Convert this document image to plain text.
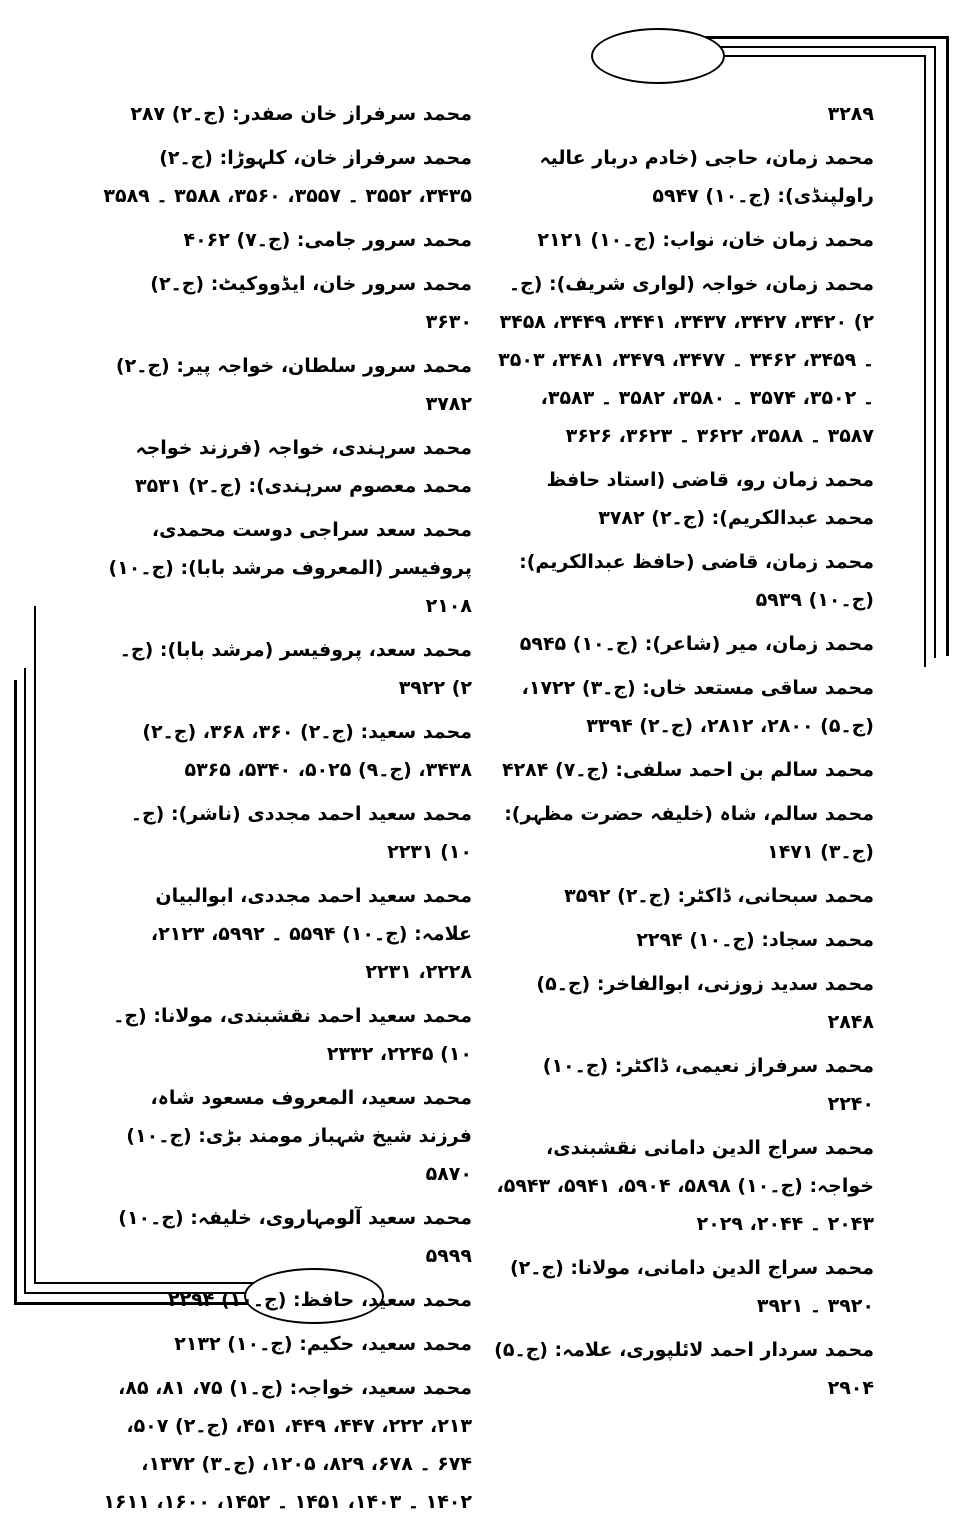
٣٢٨٩
محمد زمان، حاجی (خادم دربار عالیہ راولپنڈی): (ج۔۱۰) ۵۹۴۷
محمد زمان خان، نواب: (ج۔۱۰) ۲۱۲۱
محمد زمان، خواجہ (لواری شریف): (ج۔۲) ۳۴۲۰، ۳۴۲۷، ۳۴۳۷، ۳۴۴۱، ۳۴۴۹، ۳۴۵۸ ۔ ۳۴۵۹، ۳۴۶۲ ۔ ۳۴۷۷، ۳۴۷۹، ۳۴۸۱، ۳۵۰۳ ۔ ۳۵۰۲، ۳۵۷۴ ۔ ۳۵۸۰، ۳۵۸۲ ۔ ۳۵۸۳، ۳۵۸۷ ۔ ۳۵۸۸، ۳۶۲۲ ۔ ۳۶۲۳، ۳۶۲۶
محمد زمان رو، قاضی (استاد حافظ محمد عبدالکریم): (ج۔۲) ۳۷۸۲
محمد زمان، قاضی (حافظ عبدالکریم): (ج۔۱۰) ۵۹۳۹
محمد زمان، میر (شاعر): (ج۔۱۰) ۵۹۴۵
محمد ساقی مستعد خاں: (ج۔۳) ۱۷۲۲، (ج۔۵) ۲۸۰۰، ۲۸۱۲، (ج۔۲) ۳۳۹۴
محمد سالم بن احمد سلفی: (ج۔۷) ۴۲۸۴
محمد سالم، شاہ (خلیفہ حضرت مظہر): (ج۔۳) ۱۴۷۱
محمد سبحانی، ڈاکٹر: (ج۔۲) ۳۵۹۲
محمد سجاد: (ج۔۱۰) ۲۲۹۴
محمد سدید زوزنی، ابوالفاخر: (ج۔۵) ۲۸۴۸
محمد سرفراز نعیمی، ڈاکٹر: (ج۔۱۰) ۲۲۴۰
محمد سراج الدین دامانی نقشبندی، خواجہ: (ج۔۱۰) ۵۸۹۸، ۵۹۰۴، ۵۹۴۱، ۵۹۴۳، ۲۰۴۳ ۔ ۲۰۴۴، ۲۰۲۹
محمد سراج الدین دامانی، مولانا: (ج۔۲) ۳۹۲۰ ۔ ۳۹۲۱
محمد سردار احمد لائلپوری، علامہ: (ج۔۵) ۲۹۰۴
محمد سرفراز خان صفدر: (ج۔۲) ۲۸۷
محمد سرفراز خان، کلہوڑا: (ج۔۲) ۳۴۳۵، ۳۵۵۲ ۔ ۳۵۵۷، ۳۵۶۰، ۳۵۸۸ ۔ ۳۵۸۹
محمد سرور جامی: (ج۔۷) ۴۰۶۲
محمد سرور خان، ایڈووکیٹ: (ج۔۲) ۳۶۳۰
محمد سرور سلطان، خواجہ پیر: (ج۔۲) ۳۷۸۲
محمد سرہندی، خواجہ (فرزند خواجہ محمد معصوم سرہندی): (ج۔۲) ۳۵۳۱
محمد سعد سراجی دوست محمدی، پروفیسر (المعروف مرشد بابا): (ج۔۱۰) ۲۱۰۸
محمد سعد، پروفیسر (مرشد بابا): (ج۔۲) ۳۹۲۲
محمد سعید: (ج۔۲) ۳۶۰، ۳۶۸، (ج۔۲) ۳۴۳۸، (ج۔۹) ۵۰۲۵، ۵۳۴۰، ۵۳۶۵
محمد سعید احمد مجددی (ناشر): (ج۔۱۰) ۲۲۳۱
محمد سعید احمد مجددی، ابوالبیان علامہ: (ج۔۱۰) ۵۵۹۴ ۔ ۵۹۹۲، ۲۱۲۳، ۲۲۲۸، ۲۲۳۱
محمد سعید احمد نقشبندی، مولانا: (ج۔۱۰) ۲۲۴۵، ۲۳۳۲
محمد سعید، المعروف مسعود شاہ، فرزند شیخ شہباز مومند بڑی: (ج۔۱۰) ۵۸۷۰
محمد سعید آلومہاروی، خلیفہ: (ج۔۱۰) ۵۹۹۹
محمد سعید، حافظ: (ج۔۱۰) ۲۲۹۴
محمد سعید، حکیم: (ج۔۱۰) ۲۱۳۲
محمد سعید، خواجہ: (ج۔۱) ۷۵، ۸۱، ۸۵، ۲۱۳، ۲۲۲، ۴۴۷، ۴۴۹، ۴۵۱، (ج۔۲) ۵۰۷، ۶۷۴ ۔ ۶۷۸، ۸۲۹، ۱۲۰۵، (ج۔۳) ۱۳۷۲، ۱۴۰۲ ۔ ۱۴۰۳، ۱۴۵۱ ۔ ۱۴۵۲، ۱۶۰۰، ۱۶۱۱
